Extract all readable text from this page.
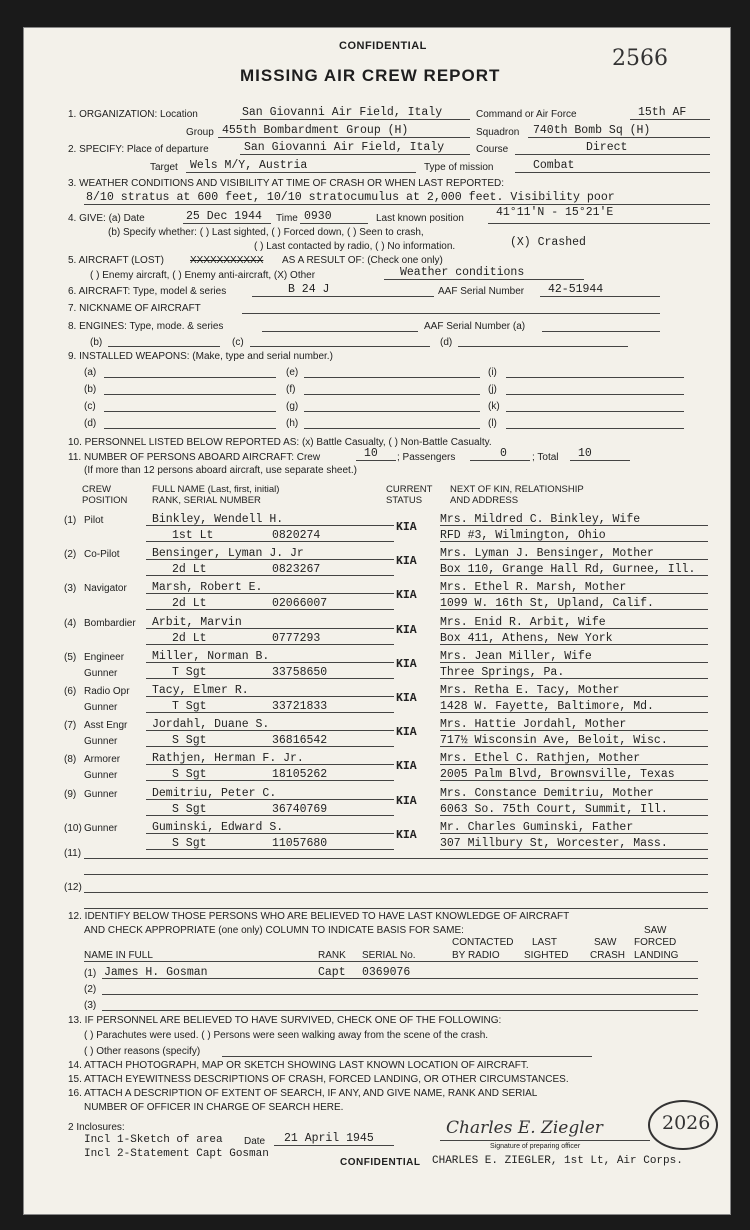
CONFIDENTIAL
MISSING AIR CREW REPORT
2566
1. ORGANIZATION: Location	San Giovanni Air Field, Italy	Command or Air Force	15th AF
Group 455th Bombardment Group (H)	Squadron 740th Bomb Sq (H)
2. SPECIFY: Place of departure	San Giovanni Air Field, Italy	Course	Direct
Target Wels M/Y, Austria	Type of mission	Combat
3. WEATHER CONDITIONS AND VISIBILITY AT TIME OF CRASH OR WHEN LAST REPORTED:
8/10 stratus at 600 feet, 10/10 stratocumulus at 2,000 feet. Visibility poor
4. GIVE: (a) Date	25 Dec 1944 Time 0930	Last known position	41°11'N - 15°21'E
(b) Specify whether: ( ) Last sighted, ( ) Forced down, ( ) Seen to crash,
( ) Last contacted by radio, ( ) No information.	(X) Crashed
5. AIRCRAFT (LOST)	XXXXXXXXXXX AS A RESULT OF: (Check one only)
( ) Enemy aircraft, ( ) Enemy anti-aircraft, (X) Other	Weather conditions
6. AIRCRAFT: Type, model & series	B 24 J	AAF Serial Number 42-51944
7. NICKNAME OF AIRCRAFT
8. ENGINES: Type, mode. & series	AAF Serial Number (a)
(b)	(c)	(d)
9. INSTALLED WEAPONS: (Make, type and serial number.)
(a)
(b)
(c)
(d)
(e)
(f)
(g)
(h)
(i)
(j)
(k)
(l)
10. PERSONNEL LISTED BELOW REPORTED AS: (x) Battle Casualty, ( ) Non-Battle Casualty.
11. NUMBER OF PERSONS ABOARD AIRCRAFT: Crew	10 ; Passengers	0	; Total 10
(If more than 12 persons aboard aircraft, use separate sheet.)
CREW
POSITION
FULL NAME (Last, first, initial)
RANK, SERIAL NUMBER
CURRENT
STATUS
NEXT OF KIN, RELATIONSHIP
AND ADDRESS
(1) Pilot	Binkley, Wendell H.
1st Lt	0820274
KIA
Mrs. Mildred C. Binkley, Wife
RFD #3, Wilmington, Ohio
(2) Co-Pilot	Bensinger, Lyman J. Jr
2d Lt	0823267
KIA
Mrs. Lyman J. Bensinger, Mother
Box 110, Grange Hall Rd, Gurnee, Ill.
(3) Navigator Marsh, Robert E.
2d Lt	02066007
KIA
Mrs. Ethel R. Marsh, Mother
1099 W. 16th St, Upland, Calif.
(4) Bombardier Arbit, Marvin
2d Lt	0777293
KIA
Mrs. Enid R. Arbit, Wife
Box 411, Athens, New York
(5) Engineer
Gunner
Miller, Norman B.
T Sgt	33758650
KIA
Mrs. Jean Miller, Wife
Three Springs, Pa.
(6) Radio Opr
Gunner
Tacy, Elmer R.
T Sgt	33721833
KIA
Mrs. Retha E. Tacy, Mother
1428 W. Fayette, Baltimore, Md.
(7) Asst Engr
Gunner
Jordahl, Duane S.
S Sgt	36816542
KIA
Mrs. Hattie Jordahl, Mother
717½ Wisconsin Ave, Beloit, Wisc.
(8) Armorer
Gunner
Rathjen, Herman F. Jr.
S Sgt	18105262
KIA
Mrs. Ethel C. Rathjen, Mother
2005 Palm Blvd, Brownsville, Texas
(9) Gunner	Demitriu, Peter C.
S Sgt	36740769
KIA
Mrs. Constance Demitriu, Mother
6063 So. 75th Court, Summit, Ill.
(10) Gunner	Guminski, Edward S.
S Sgt	11057680
KIA
Mr. Charles Guminski, Father
307 Millbury St, Worcester, Mass.
(11)
(12)
12. IDENTIFY BELOW THOSE PERSONS WHO ARE BELIEVED TO HAVE LAST KNOWLEDGE OF AIRCRAFT
AND CHECK APPROPRIATE (one only) COLUMN TO INDICATE BASIS FOR SAME:	SAW
CONTACTED LAST	SAW FORCED
NAME IN FULL	RANK SERIAL No.	BY RADIO SIGHTED CRASH LANDING
(1) James H. Gosman	Capt 0369076
(2)
(3)
13. IF PERSONNEL ARE BELIEVED TO HAVE SURVIVED, CHECK ONE OF THE FOLLOWING:
( ) Parachutes were used. ( ) Persons were seen walking away from the scene of the crash.
( ) Other reasons (specify)
14. ATTACH PHOTOGRAPH, MAP OR SKETCH SHOWING LAST KNOWN LOCATION OF AIRCRAFT.
15. ATTACH EYEWITNESS DESCRIPTIONS OF CRASH, FORCED LANDING, OR OTHER CIRCUMSTANCES.
16. ATTACH A DESCRIPTION OF EXTENT OF SEARCH, IF ANY, AND GIVE NAME, RANK AND SERIAL
NUMBER OF OFFICER IN CHARGE OF SEARCH HERE.
2 Inclosures:
Incl 1-Sketch of area
Incl 2-Statement Capt Gosman
Date 21 April 1945
Charles E. Ziegler
Signature of preparing officer
CONFIDENTIAL CHARLES E. ZIEGLER, 1st Lt, Air Corps.
2026
